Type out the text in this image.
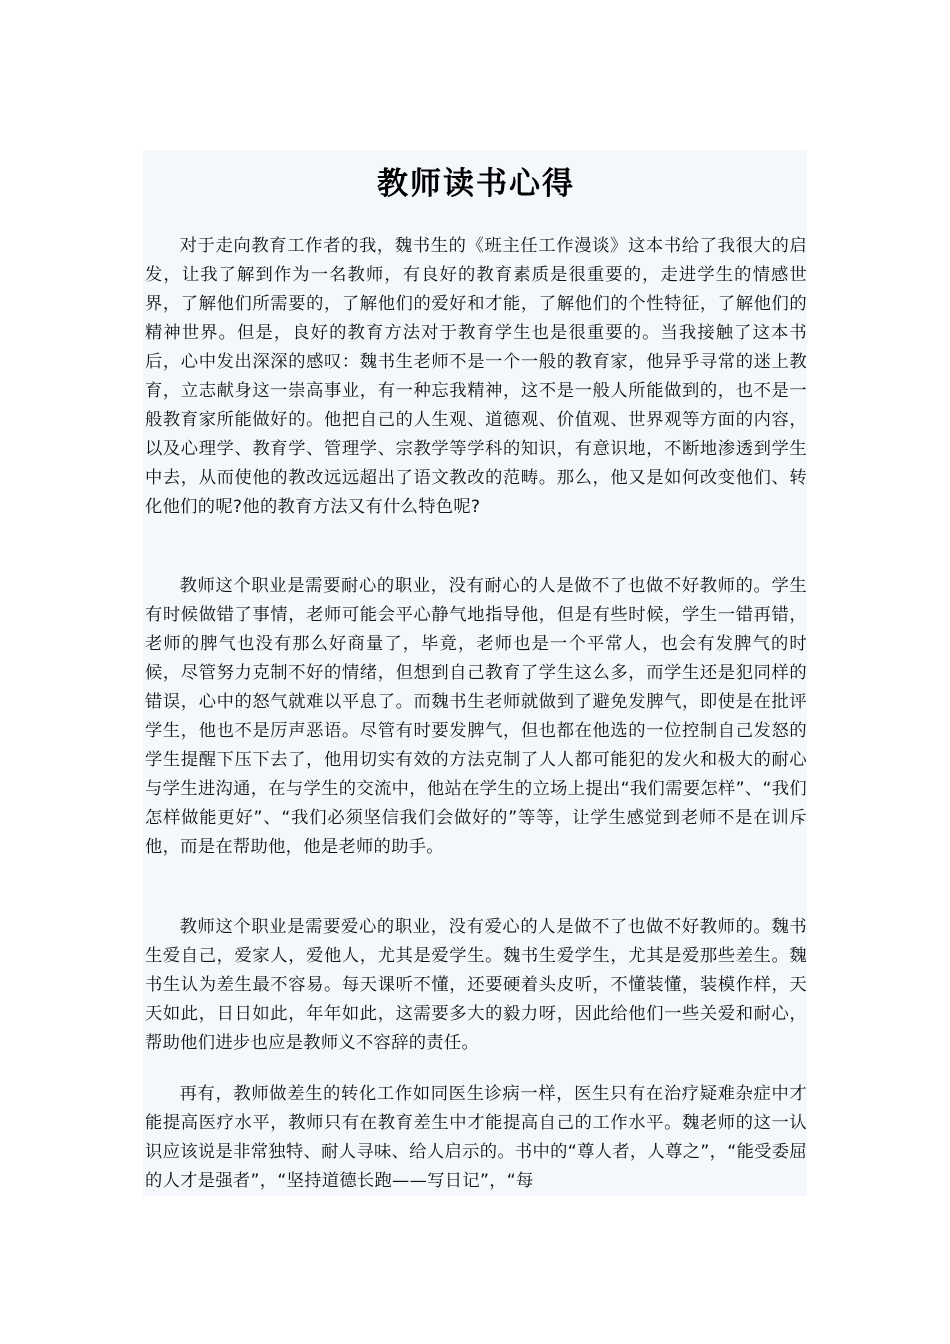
教师读书心得

对于走向教育工作者的我，魏书生的《班主任工作漫谈》这本书给了我很大的启发，让我了解到作为一名教师，有良好的教育素质是很重要的，走进学生的情感世界，了解他们所需要的，了解他们的爱好和才能，了解他们的个性特征，了解他们的精神世界。但是，良好的教育方法对于教育学生也是很重要的。当我接触了这本书后，心中发出深深的感叹：魏书生老师不是一个一般的教育家，他异乎寻常的迷上教育，立志献身这一崇高事业，有一种忘我精神，这不是一般人所能做到的，也不是一般教育家所能做好的。他把自己的人生观、道德观、价值观、世界观等方面的内容，以及心理学、教育学、管理学、宗教学等学科的知识，有意识地，不断地渗透到学生中去，从而使他的教改远远超出了语文教改的范畴。那么，他又是如何改变他们、转化他们的呢?他的教育方法又有什么特色呢?

教师这个职业是需要耐心的职业，没有耐心的人是做不了也做不好教师的。学生有时候做错了事情，老师可能会平心静气地指导他，但是有些时候，学生一错再错，老师的脾气也没有那么好商量了，毕竟，老师也是一个平常人，也会有发脾气的时候，尽管努力克制不好的情绪，但想到自己教育了学生这么多，而学生还是犯同样的错误，心中的怒气就难以平息了。而魏书生老师就做到了避免发脾气，即使是在批评学生，他也不是厉声恶语。尽管有时要发脾气，但也都在他选的一位控制自己发怒的学生提醒下压下去了，他用切实有效的方法克制了人人都可能犯的发火和极大的耐心与学生进沟通，在与学生的交流中，他站在学生的立场上提出“我们需要怎样”、“我们怎样做能更好”、“我们必须坚信我们会做好的”等等，让学生感觉到老师不是在训斥他，而是在帮助他，他是老师的助手。

教师这个职业是需要爱心的职业，没有爱心的人是做不了也做不好教师的。魏书生爱自己，爱家人，爱他人，尤其是爱学生。魏书生爱学生，尤其是爱那些差生。魏书生认为差生最不容易。每天课听不懂，还要硬着头皮听，不懂装懂，装模作样，天天如此，日日如此，年年如此，这需要多大的毅力呀，因此给他们一些关爱和耐心，帮助他们进步也应是教师义不容辞的责任。

再有，教师做差生的转化工作如同医生诊病一样，医生只有在治疗疑难杂症中才能提高医疗水平，教师只有在教育差生中才能提高自己的工作水平。魏老师的这一认识应该说是非常独特、耐人寻味、给人启示的。书中的“尊人者，人尊之”，“能受委屈的人才是强者”，“坚持道德长跑——写日记”，“每
